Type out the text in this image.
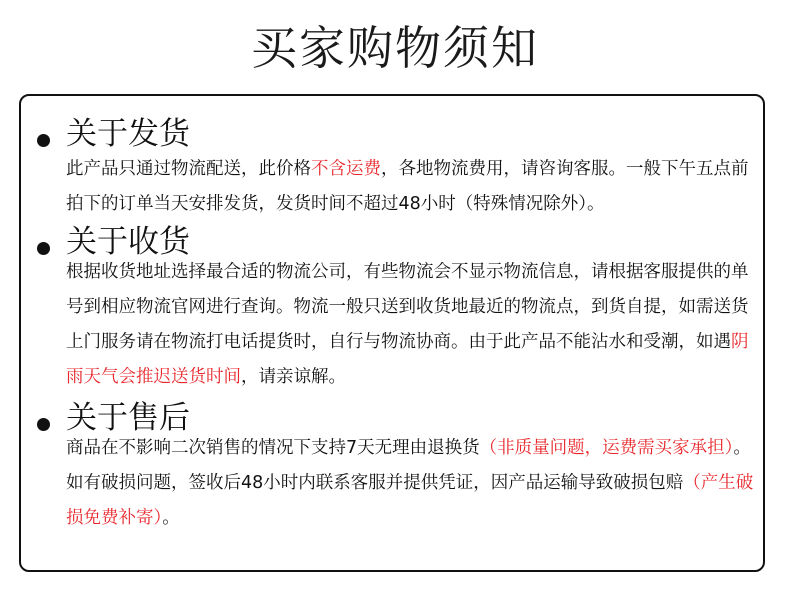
买家购物须知
关于发货
此产品只通过物流配送，此价格不含运费，各地物流费用，请咨询客服。一般下午五点前拍下的订单当天安排发货，发货时间不超过48小时（特殊情况除外）。
关于收货
根据收货地址选择最合适的物流公司，有些物流会不显示物流信息，请根据客服提供的单号到相应物流官网进行查询。物流一般只送到收货地最近的物流点，到货自提，如需送货上门服务请在物流打电话提货时，自行与物流协商。由于此产品不能沾水和受潮，如遇阴雨天气会推迟送货时间，请亲谅解。
关于售后
商品在不影响二次销售的情况下支持7天无理由退换货（非质量问题，运费需买家承担）。如有破损问题，签收后48小时内联系客服并提供凭证，因产品运输导致破损包赔（产生破损免费补寄）。
